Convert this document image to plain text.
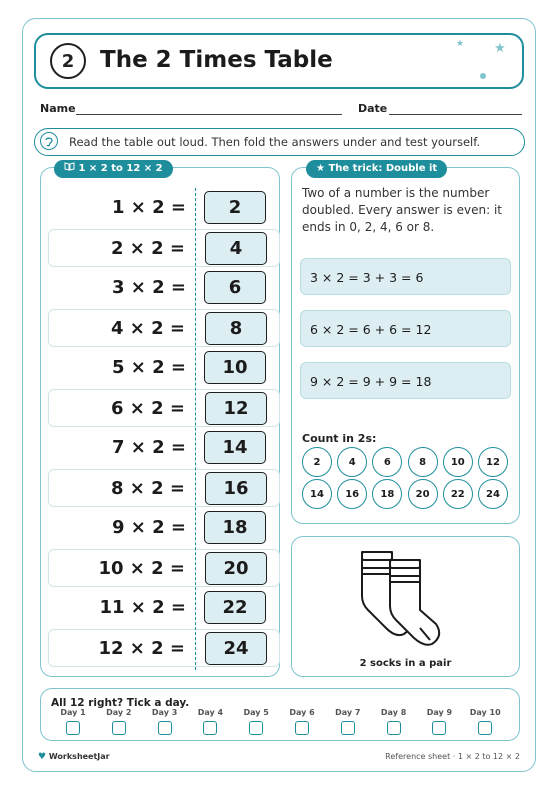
2	The 2 Times Table
★ ★
Name	Date
Read the table out loud. Then fold the answers under and test yourself.
1 × 2 to 12 × 2
1 × 2 =	2
2 × 2 =	4
3 × 2 =	6
4 × 2 =	8
5 × 2 =	10
6 × 2 =	12
7 × 2 =	14
8 × 2 =	16
9 × 2 =	18
10 × 2 =	20
11 × 2 =	22
12 × 2 =	24
★ The trick: Double it
Two of a number is the number doubled. Every answer is even: it ends in 0, 2, 4, 6 or 8.
3 × 2 = 3 + 3 = 6
6 × 2 = 6 + 6 = 12
9 × 2 = 9 + 9 = 18
Count in 2s:
2	4	6	8	10	12
14	16	18	20	22	24
2 socks in a pair
All 12 right? Tick a day.
Day 1	Day 2	Day 3	Day 4	Day 5	Day 6	Day 7	Day 8	Day 9	Day 10
♥ WorksheetJar	Reference sheet · 1 × 2 to 12 × 2
